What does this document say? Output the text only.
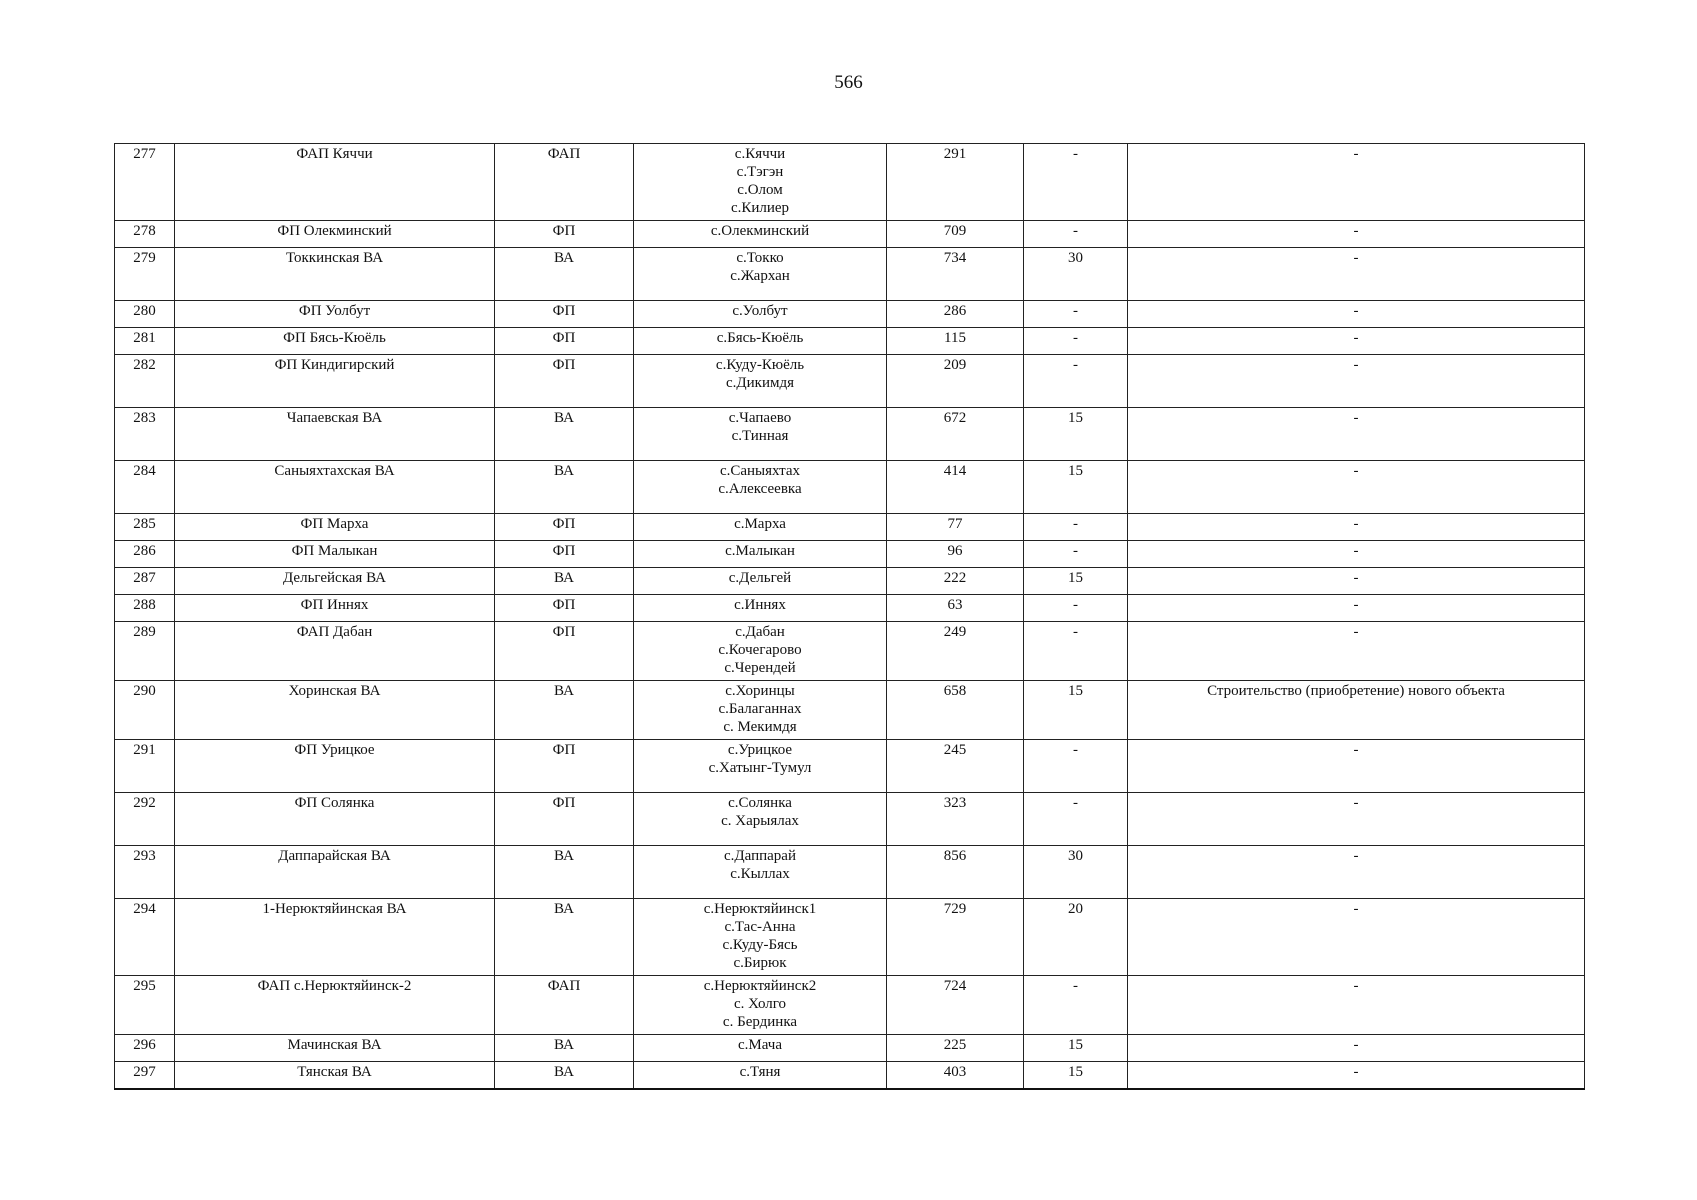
566
277	ФАП Кяччи	ФАП	с.Кяччи
с.Тэгэн
с.Олом
с.Килиер	291	-	-
278	ФП Олекминский	ФП	с.Олекминский	709	-	-
279	Токкинская ВА	ВА	с.Токко
с.Жархан	734	30	-
280	ФП Уолбут	ФП	с.Уолбут	286	-	-
281	ФП Бясь-Кюёль	ФП	с.Бясь-Кюёль	115	-	-
282	ФП Киндигирский	ФП	с.Куду-Кюёль
с.Дикимдя	209	-	-
283	Чапаевская ВА	ВА	с.Чапаево
с.Тинная	672	15	-
284	Саныяхтахская ВА	ВА	с.Саныяхтах
с.Алексеевка	414	15	-
285	ФП Марха	ФП	с.Марха	77	-	-
286	ФП Малыкан	ФП	с.Малыкан	96	-	-
287	Дельгейская ВА	ВА	с.Дельгей	222	15	-
288	ФП Иннях	ФП	с.Иннях	63	-	-
289	ФАП Дабан	ФП	с.Дабан
с.Кочегарово
с.Черендей	249	-	-
290	Хоринская ВА	ВА	с.Хоринцы
с.Балаганнах
с. Мекимдя	658	15	Строительство (приобретение) нового объекта
291	ФП Урицкое	ФП	с.Урицкое
с.Хатынг-Тумул	245	-	-
292	ФП Солянка	ФП	с.Солянка
с. Харыялах	323	-	-
293	Даппарайская ВА	ВА	с.Даппарай
с.Кыллах	856	30	-
294	1-Нерюктяйинская ВА	ВА	с.Нерюктяйинск1
с.Тас-Анна
с.Куду-Бясь
с.Бирюк	729	20	-
295	ФАП с.Нерюктяйинск-2	ФАП	с.Нерюктяйинск2
с. Холго
с. Бердинка	724	-	-
296	Мачинская ВА	ВА	с.Мача	225	15	-
297	Тянская ВА	ВА	с.Тяня	403	15	-
